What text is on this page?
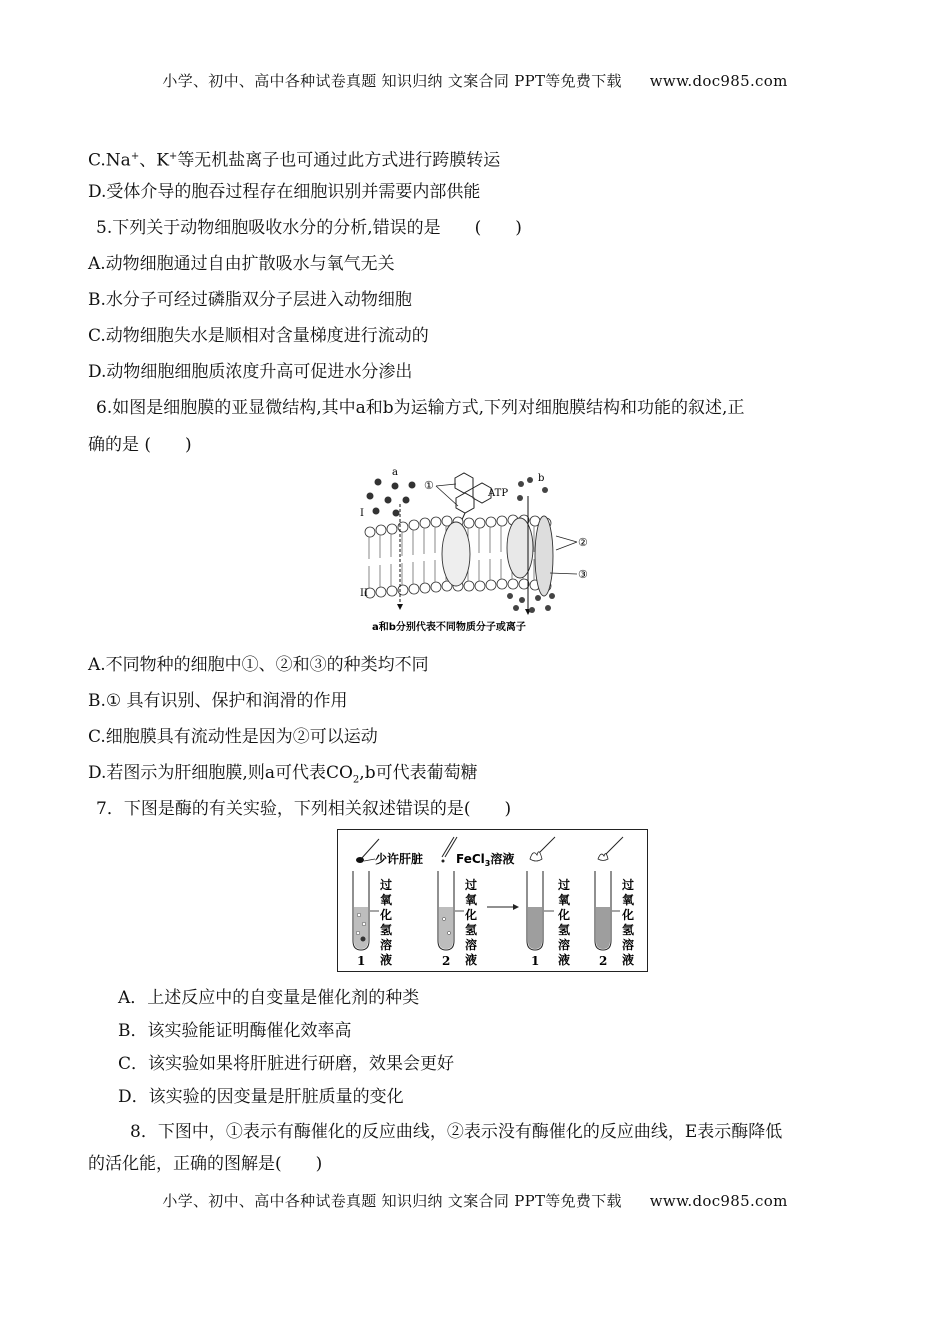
小学、初中、高中各种试卷真题 知识归纳 文案合同 PPT等免费下载 www.doc985.com
C.Na+、K+等无机盐离子也可通过此方式进行跨膜转运
D.受体介导的胞吞过程存在细胞识别并需要内部供能
5.下列关于动物细胞吸收水分的分析,错误的是　　(　　)
A.动物细胞通过自由扩散吸水与氧气无关
B.水分子可经过磷脂双分子层进入动物细胞
C.动物细胞失水是顺相对含量梯度进行流动的
D.动物细胞细胞质浓度升高可促进水分渗出
6.如图是细胞膜的亚显微结构,其中a和b为运输方式,下列对细胞膜结构和功能的叙述,正
确的是 (　　)
a
①
ATP
b
I
II
②
③
a和b分别代表不同物质分子或离子
A.不同物种的细胞中①、②和③的种类均不同
B.① 具有识别、保护和润滑的作用
C.细胞膜具有流动性是因为②可以运动
D.若图示为肝细胞膜,则a可代表$CO_2,b$可代表葡萄糖
7．下图是酶的有关实验，下列相关叙述错误的是(　　)
少许肝脏	FeCl$_3$溶液
过
氧
化
氢
溶
液
过
氧
化
氢
溶
液
过
氧
化
氢
溶
液
过
氧
化
氢
溶
液
1	2	1	2
A．上述反应中的自变量是催化剂的种类
B．该实验能证明酶催化效率高
C．该实验如果将肝脏进行研磨，效果会更好
D．该实验的因变量是肝脏质量的变化
8．下图中，①表示有酶催化的反应曲线，②表示没有酶催化的反应曲线，E表示酶降低
的活化能，正确的图解是(　　)
小学、初中、高中各种试卷真题 知识归纳 文案合同 PPT等免费下载 www.doc985.com
